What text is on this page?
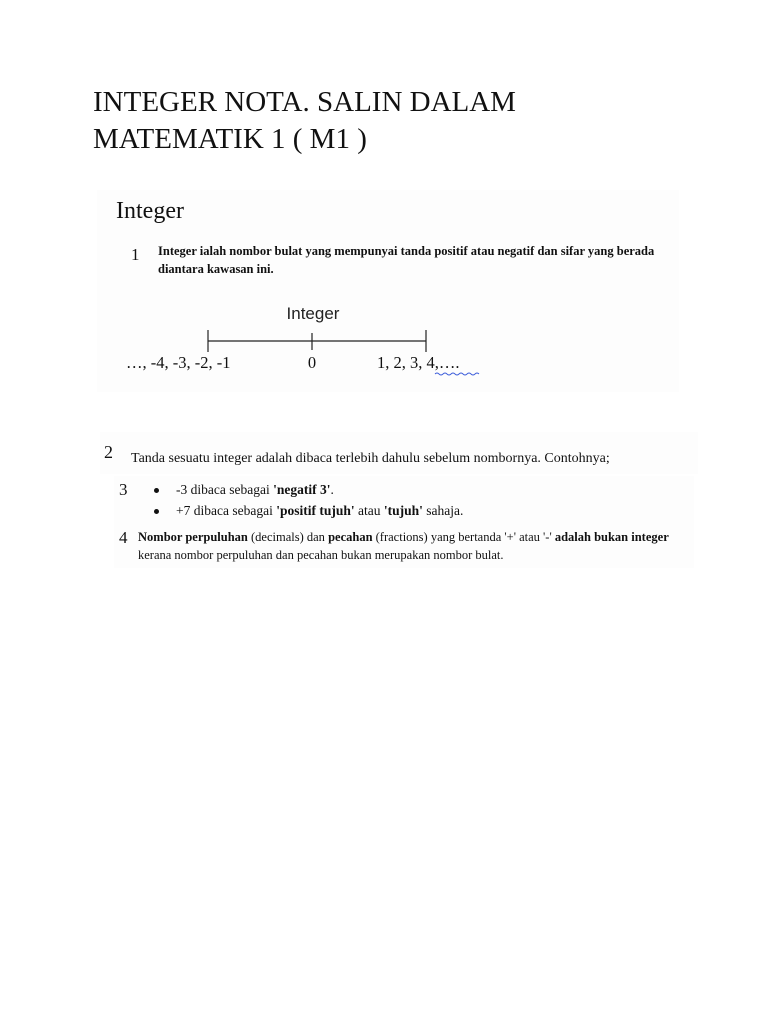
INTEGER NOTA. SALIN DALAM
MATEMATIK 1 ( M1 )
Integer
1 Integer ialah nombor bulat yang mempunyai tanda positif atau negatif dan sifar yang berada diantara kawasan ini.
Integer
…, -4, -3, -2, -1	0	1, 2, 3, 4,….
2 Tanda sesuatu integer adalah dibaca terlebih dahulu sebelum nombornya. Contohnya;
3	-3 dibaca sebagai 'negatif 3'.
+7 dibaca sebagai 'positif tujuh' atau 'tujuh' sahaja.
4 Nombor perpuluhan (decimals) dan pecahan (fractions) yang bertanda '+' atau '-' adalah bukan integer kerana nombor perpuluhan dan pecahan bukan merupakan nombor bulat.
